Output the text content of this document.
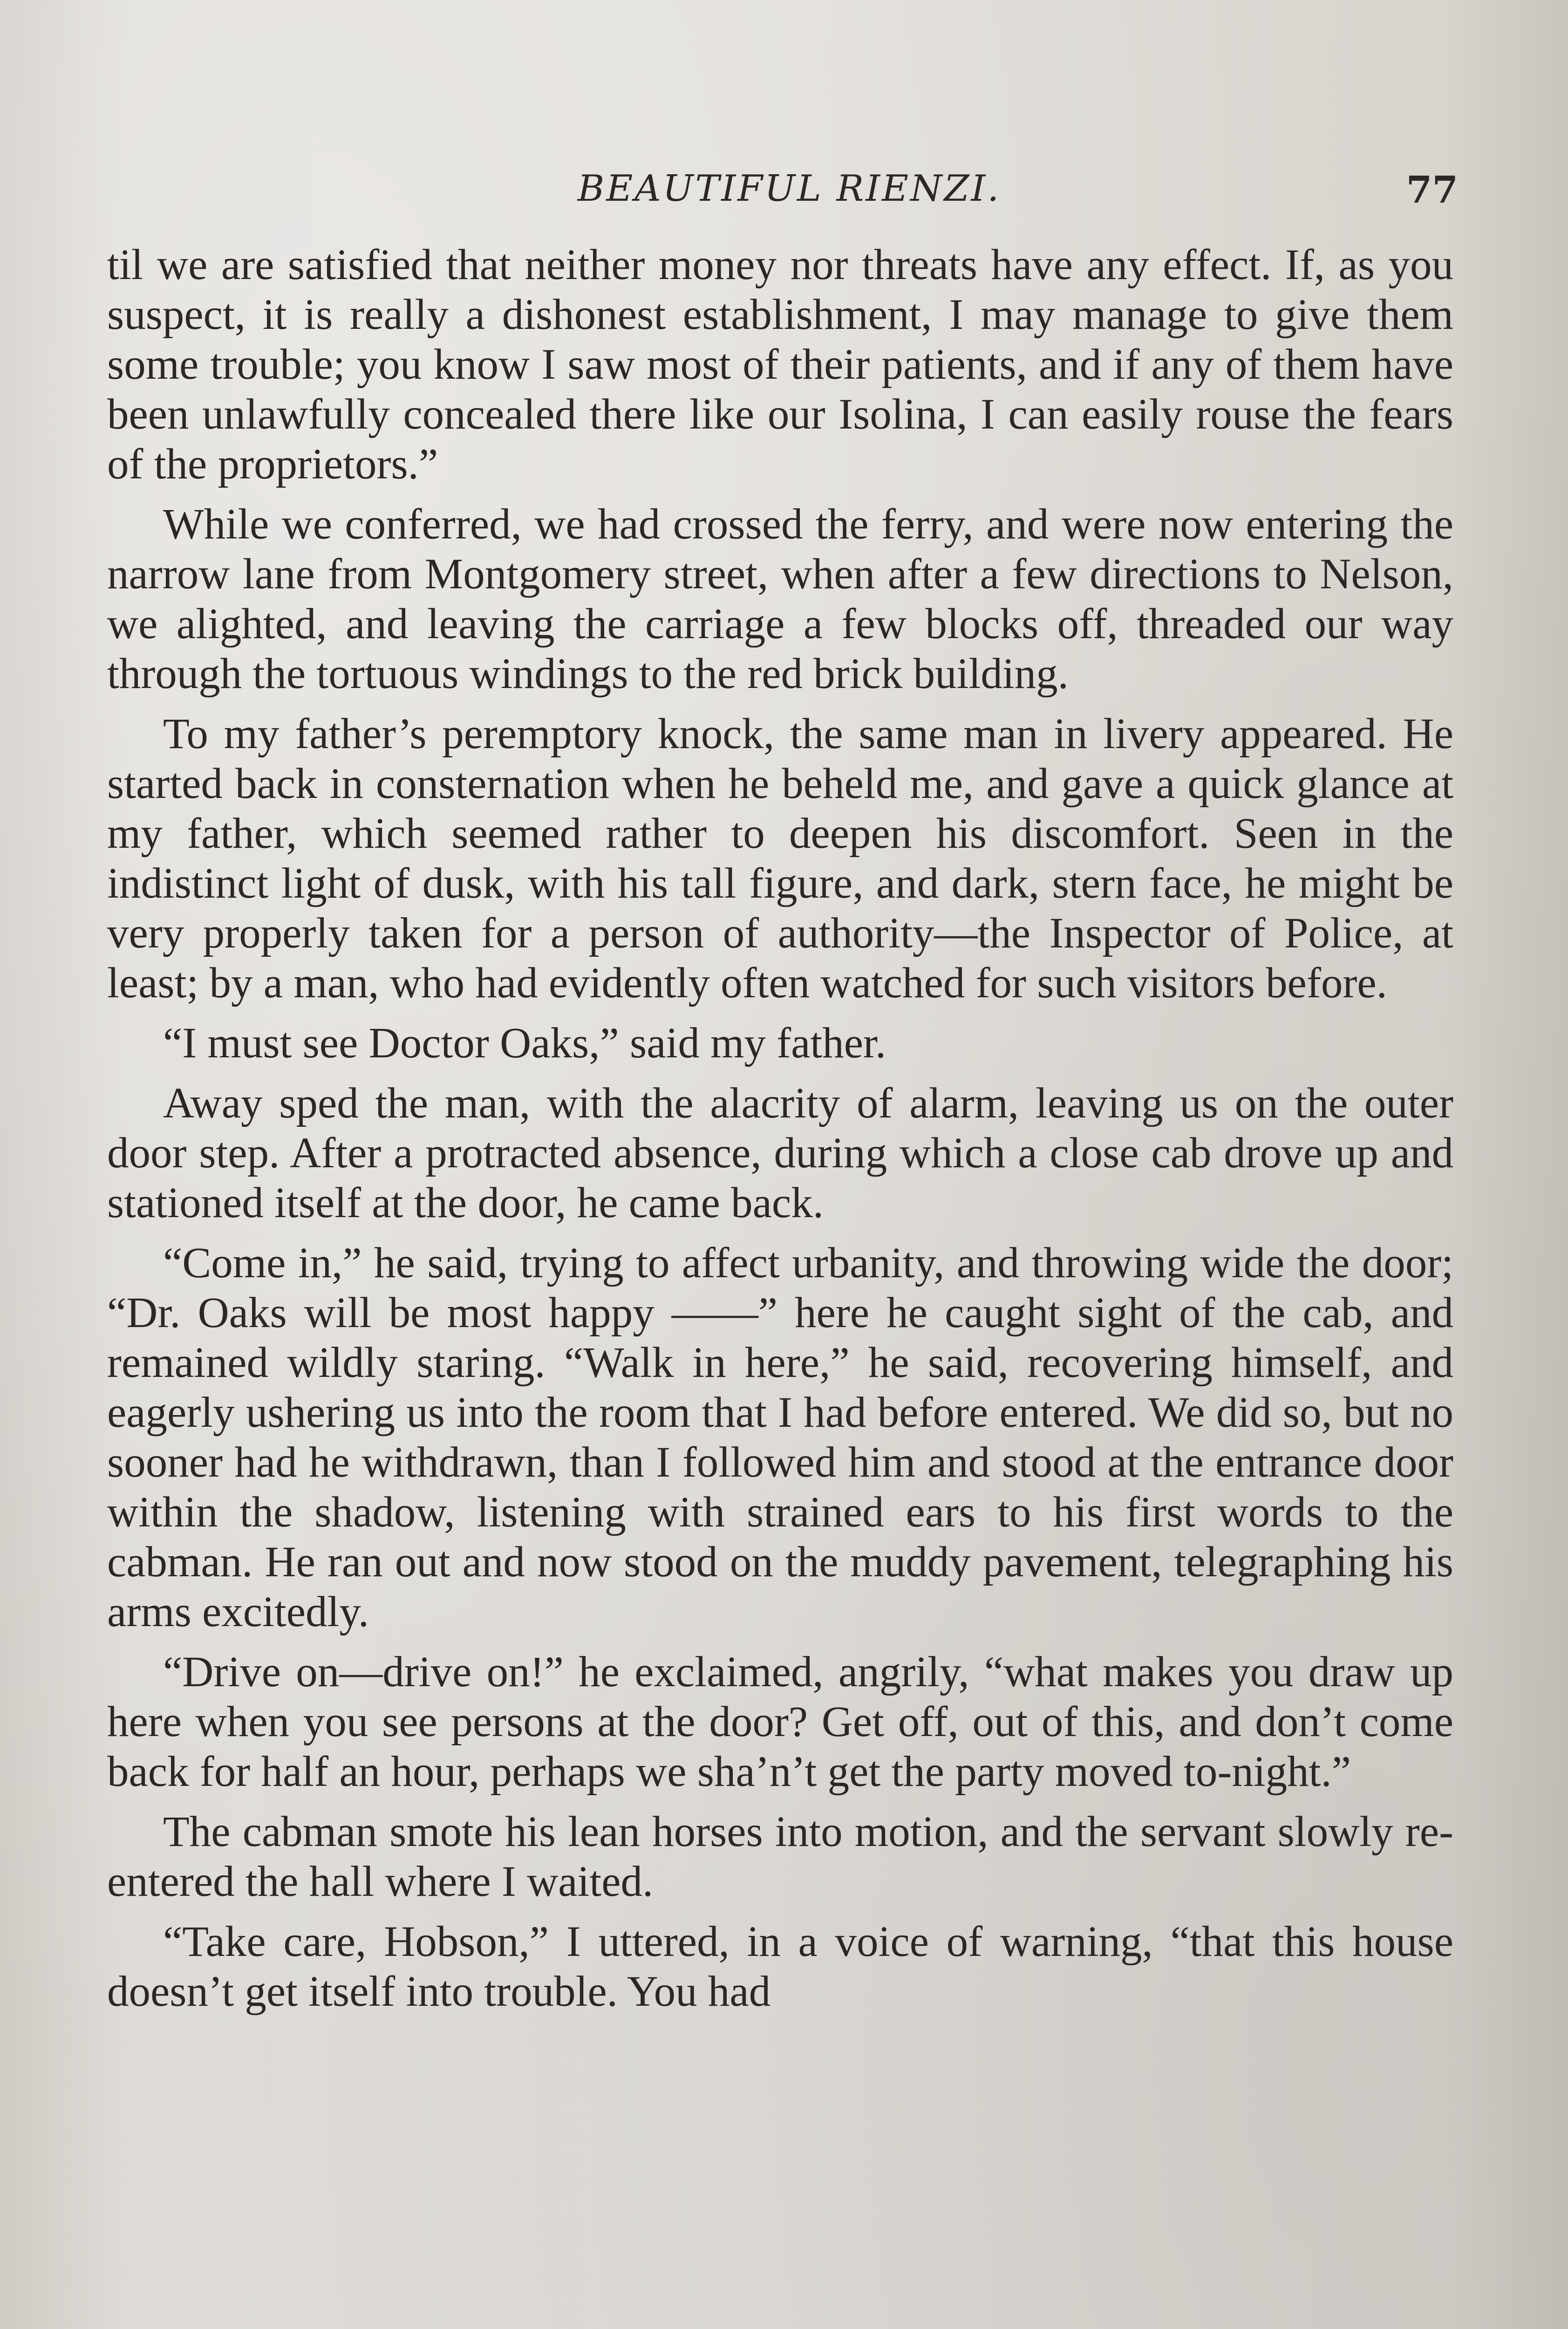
BEAUTIFUL RIENZI.	77

til we are satisfied that neither money nor threats have any effect. If, as you suspect, it is really a dishonest establishment, I may manage to give them some trouble; you know I saw most of their patients, and if any of them have been unlawfully concealed there like our Isolina, I can easily rouse the fears of the proprietors.”

While we conferred, we had crossed the ferry, and were now entering the narrow lane from Montgomery street, when after a few directions to Nelson, we alighted, and leaving the carriage a few blocks off, threaded our way through the tortuous windings to the red brick building.

To my father’s peremptory knock, the same man in livery appeared. He started back in consternation when he beheld me, and gave a quick glance at my father, which seemed rather to deepen his discomfort. Seen in the indistinct light of dusk, with his tall figure, and dark, stern face, he might be very properly taken for a person of authority—the Inspector of Police, at least; by a man, who had evidently often watched for such visitors before.

“I must see Doctor Oaks,” said my father.

Away sped the man, with the alacrity of alarm, leaving us on the outer door step. After a protracted absence, during which a close cab drove up and stationed itself at the door, he came back.

“Come in,” he said, trying to affect urbanity, and throwing wide the door; “Dr. Oaks will be most happy ——” here he caught sight of the cab, and remained wildly staring. “Walk in here,” he said, recovering himself, and eagerly ushering us into the room that I had before entered. We did so, but no sooner had he withdrawn, than I followed him and stood at the entrance door within the shadow, listening with strained ears to his first words to the cabman. He ran out and now stood on the muddy pavement, telegraphing his arms excitedly.

“Drive on—drive on!” he exclaimed, angrily, “what makes you draw up here when you see persons at the door? Get off, out of this, and don’t come back for half an hour, perhaps we sha’n’t get the party moved to-night.”

The cabman smote his lean horses into motion, and the servant slowly re-entered the hall where I waited.

“Take care, Hobson,” I uttered, in a voice of warning, “that this house doesn’t get itself into trouble. You had
